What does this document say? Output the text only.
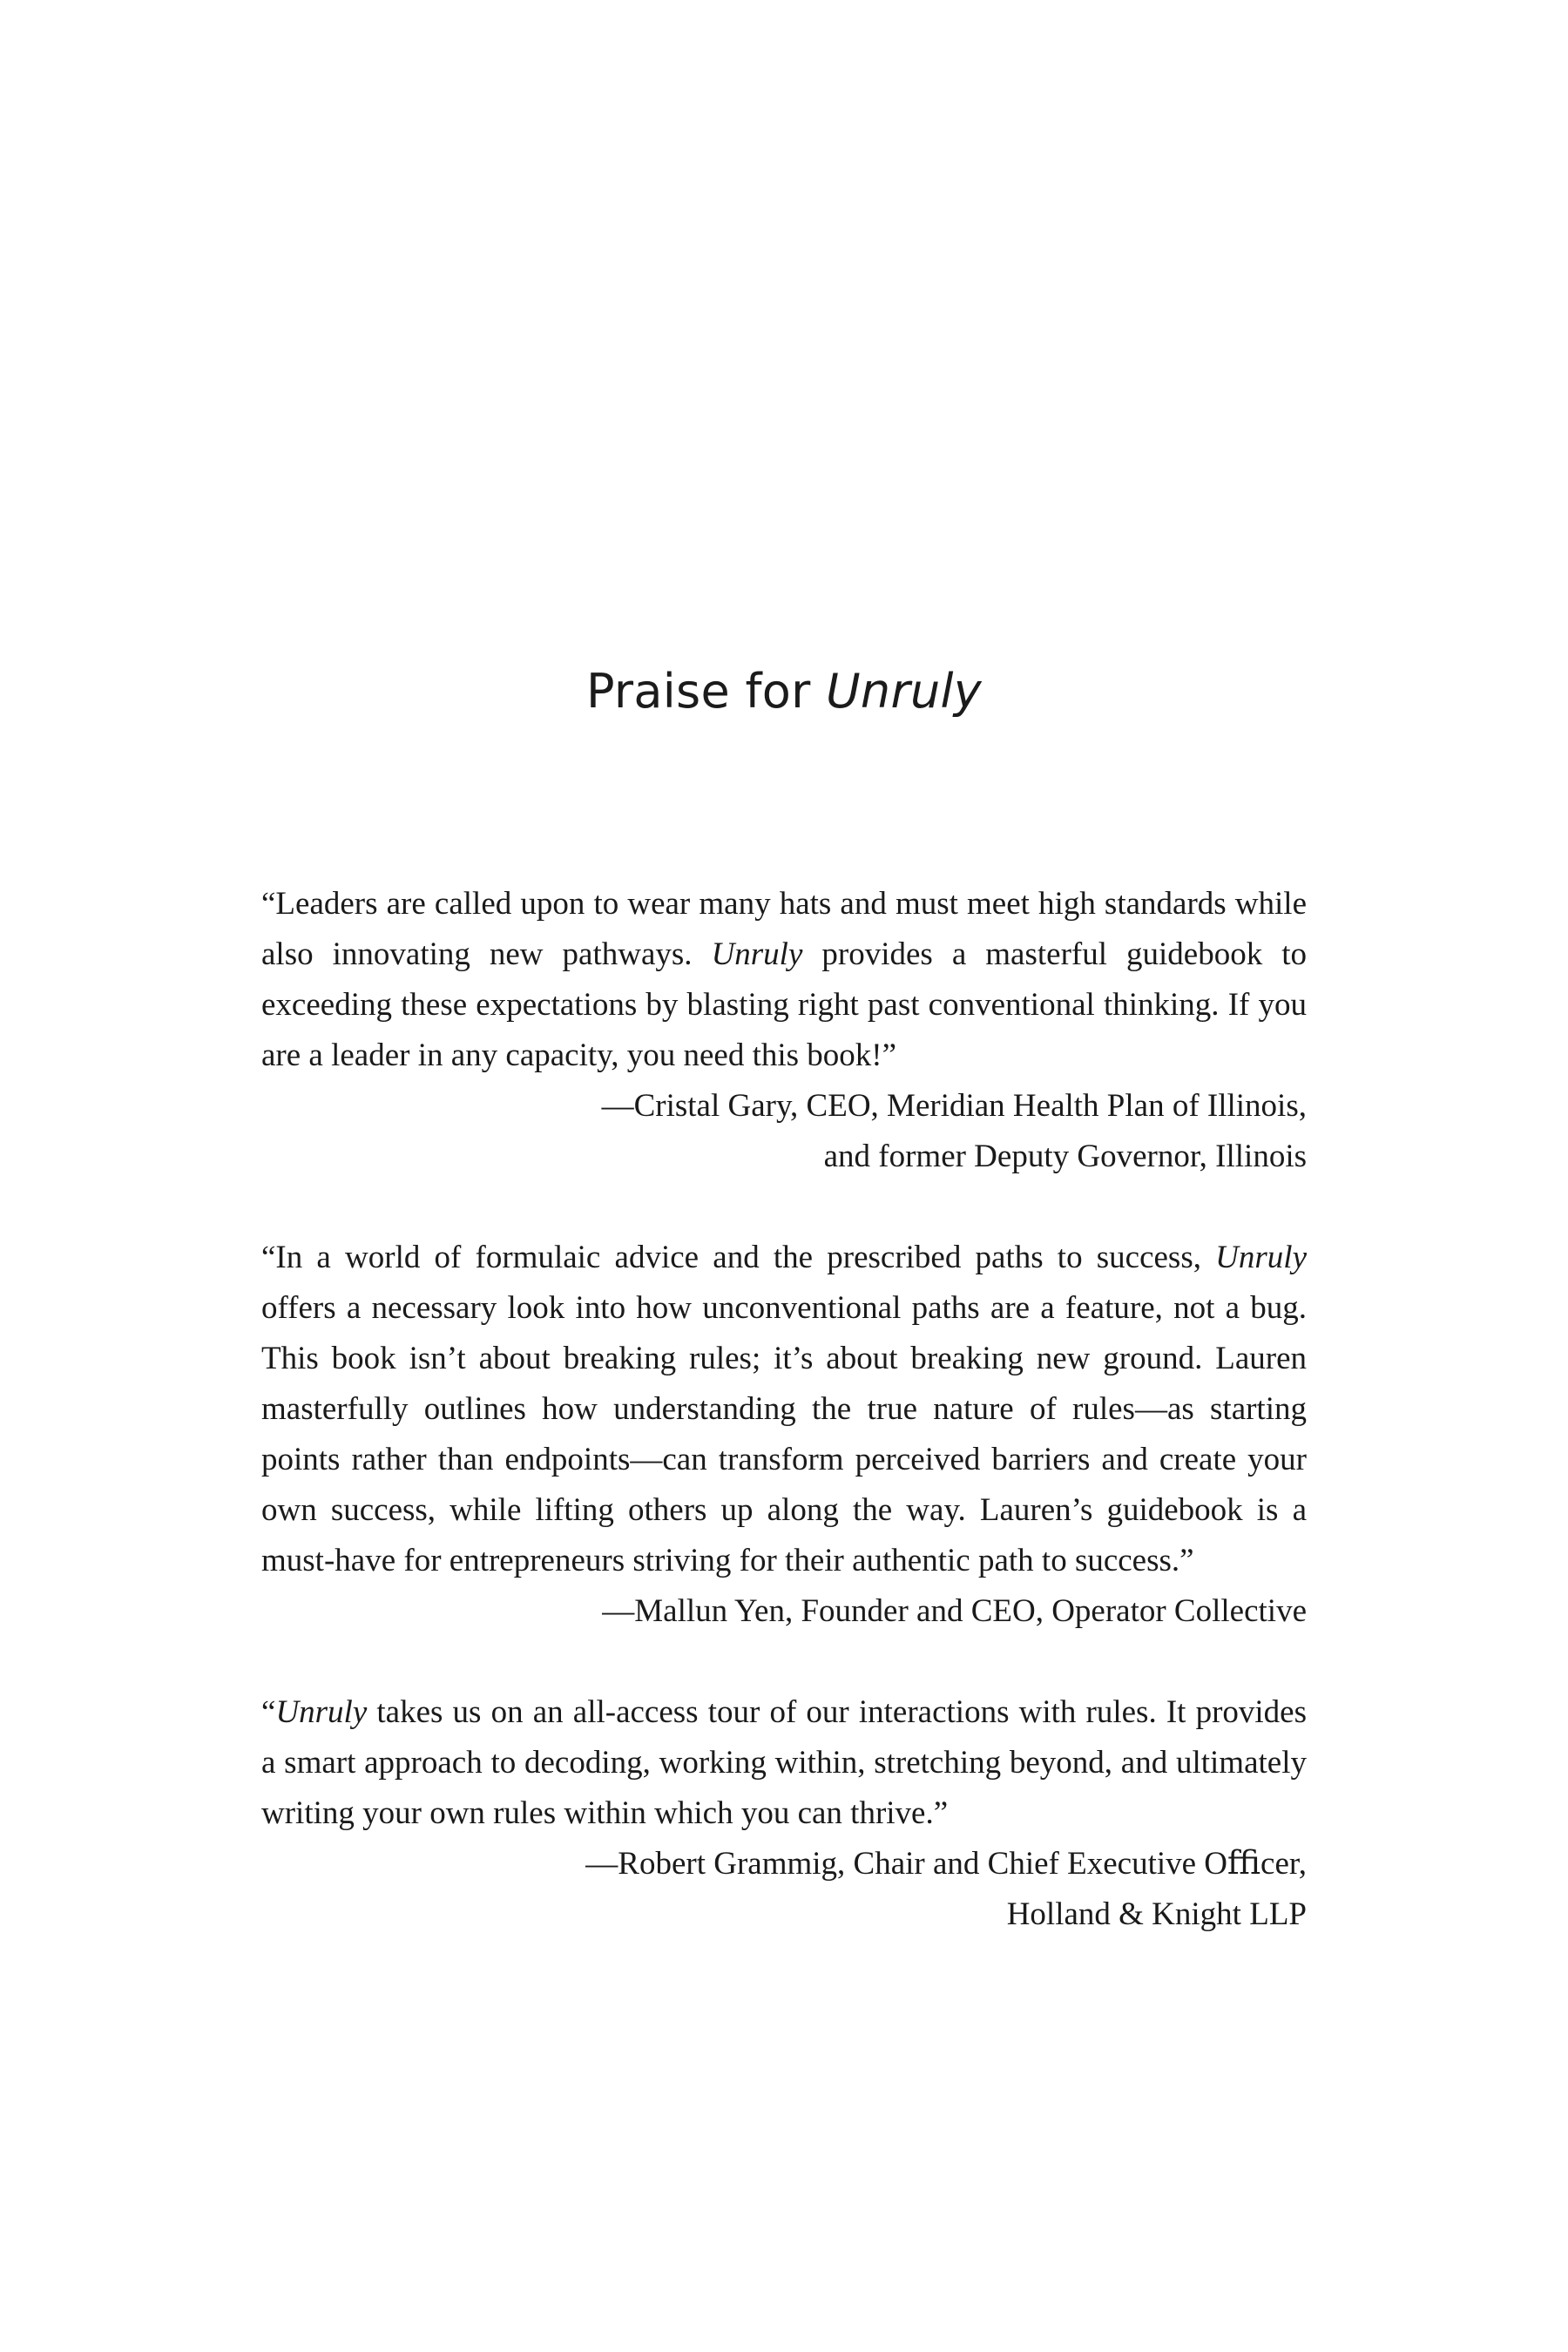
Praise for Unruly

“Leaders are called upon to wear many hats and must meet high standards while also innovating new pathways. Unruly provides a masterful guidebook to exceeding these expectations by blasting right past conventional thinking. If you are a leader in any capacity, you need this book!”

—Cristal Gary, CEO, Meridian Health Plan of Illinois,
and former Deputy Governor, Illinois

“In a world of formulaic advice and the prescribed paths to success, Unruly offers a necessary look into how unconventional paths are a feature, not a bug. This book isn’t about breaking rules; it’s about breaking new ground. Lauren masterfully outlines how understanding the true nature of rules—as starting points rather than endpoints—can transform perceived barriers and create your own success, while lifting others up along the way. Lauren’s guidebook is a must-have for entrepreneurs striving for their authentic path to success.”

—Mallun Yen, Founder and CEO, Operator Collective

“Unruly takes us on an all-access tour of our interactions with rules. It provides a smart approach to decoding, working within, stretching beyond, and ultimately writing your own rules within which you can thrive.”

—Robert Grammig, Chair and Chief Executive Oﬃcer,
Holland & Knight LLP
